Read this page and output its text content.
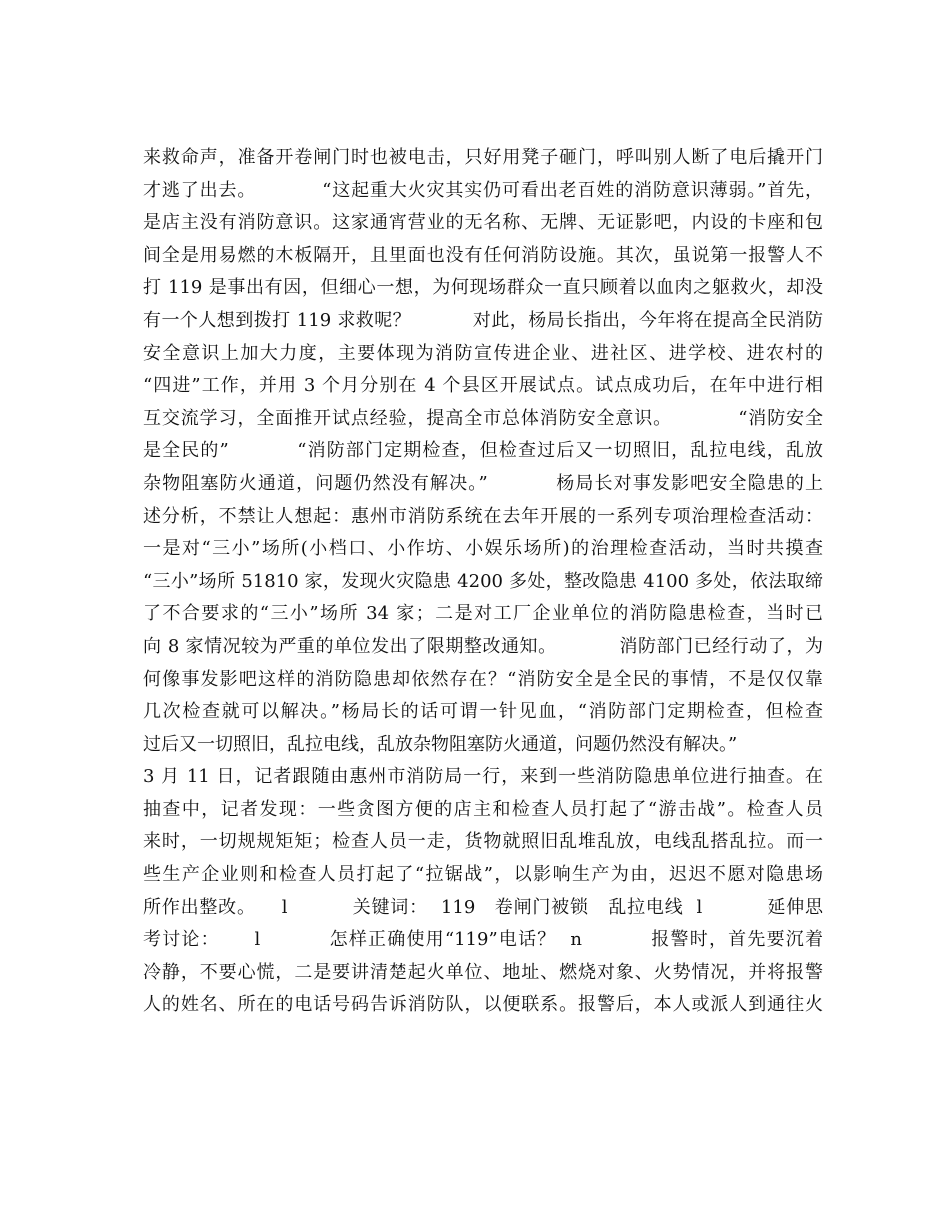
来救命声，准备开卷闸门时也被电击，只好用凳子砸门，呼叫别人断了电后撬开门
才逃了出去。          “这起重大火灾其实仍可看出老百姓的消防意识薄弱。”首先，
是店主没有消防意识。这家通宵营业的无名称、无牌、无证影吧，内设的卡座和包
间全是用易燃的木板隔开，且里面也没有任何消防设施。其次，虽说第一报警人不
打 119 是事出有因，但细心一想，为何现场群众一直只顾着以血肉之躯救火，却没
有一个人想到拨打 119 求救呢？          对此，杨局长指出，今年将在提高全民消防
安全意识上加大力度，主要体现为消防宣传进企业、进社区、进学校、进农村的
“四进”工作，并用 3 个月分别在 4 个县区开展试点。试点成功后，在年中进行相
互交流学习，全面推开试点经验，提高全市总体消防安全意识。          “消防安全
是全民的”          “消防部门定期检查，但检查过后又一切照旧，乱拉电线，乱放
杂物阻塞防火通道，问题仍然没有解决。”          杨局长对事发影吧安全隐患的上
述分析，不禁让人想起：惠州市消防系统在去年开展的一系列专项治理检查活动：
一是对“三小”场所(小档口、小作坊、小娱乐场所)的治理检查活动，当时共摸查
“三小”场所 51810 家，发现火灾隐患 4200 多处，整改隐患 4100 多处，依法取缔
了不合要求的“三小”场所 34 家；二是对工厂企业单位的消防隐患检查，当时已
向 8 家情况较为严重的单位发出了限期整改通知。          消防部门已经行动了，为
何像事发影吧这样的消防隐患却依然存在？“消防安全是全民的事情，不是仅仅靠
几次检查就可以解决。”杨局长的话可谓一针见血，“消防部门定期检查，但检查
过后又一切照旧，乱拉电线，乱放杂物阻塞防火通道，问题仍然没有解决。”
3 月 11 日，记者跟随由惠州市消防局一行，来到一些消防隐患单位进行抽查。在
抽查中，记者发现：一些贪图方便的店主和检查人员打起了“游击战”。检查人员
来时，一切规规矩矩；检查人员一走，货物就照旧乱堆乱放，电线乱搭乱拉。而一
些生产企业则和检查人员打起了“拉锯战”，以影响生产为由，迟迟不愿对隐患场
所作出整改。    l          关键词：  119   卷闸门被锁   乱拉电线  l          延伸思
考讨论：     l          怎样正确使用“119”电话？  n          报警时，首先要沉着
冷静，不要心慌，二是要讲清楚起火单位、地址、燃烧对象、火势情况，并将报警
人的姓名、所在的电话号码告诉消防队，以便联系。报警后，本人或派人到通往火
